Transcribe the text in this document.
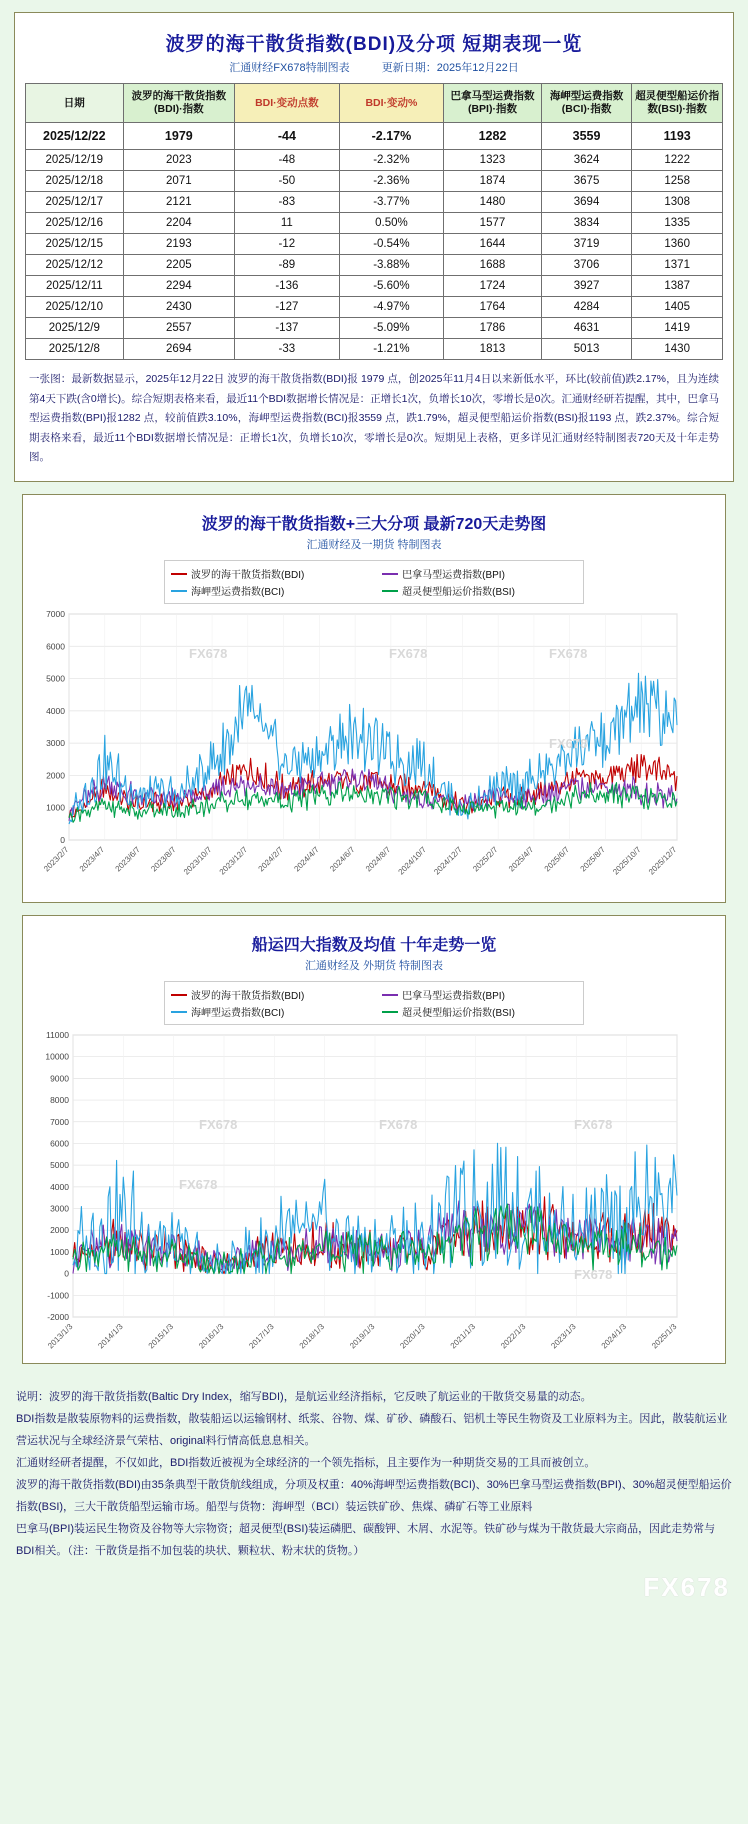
波罗的海干散货指数(BDI)及分项 短期表现一览
汇通财经FX678特制图表	更新日期：2025年12月22日
日期	波罗的海干散货指数(BDI)·指数	BDI·变动点数	BDI·变动%	巴拿马型运费指数(BPI)·指数	海岬型运费指数(BCI)·指数	超灵便型船运价指数(BSI)·指数
2025/12/22	1979	-44	-2.17%	1282	3559	1193
2025/12/19	2023	-48	-2.32%	1323	3624	1222
2025/12/18	2071	-50	-2.36%	1874	3675	1258
2025/12/17	2121	-83	-3.77%	1480	3694	1308
2025/12/16	2204	11	0.50%	1577	3834	1335
2025/12/15	2193	-12	-0.54%	1644	3719	1360
2025/12/12	2205	-89	-3.88%	1688	3706	1371
2025/12/11	2294	-136	-5.60%	1724	3927	1387
2025/12/10	2430	-127	-4.97%	1764	4284	1405
2025/12/9	2557	-137	-5.09%	1786	4631	1419
2025/12/8	2694	-33	-1.21%	1813	5013	1430
一张图：最新数据显示，2025年12月22日 波罗的海干散货指数(BDI)报 1979 点，创2025年11月4日以来新低水平，环比(较前值)跌2.17%，且为连续第4天下跌(含0增长)。综合短期表格来看，最近11个BDI数据增长情况是：正增长1次，负增长10次，零增长是0次。汇通财经研若提醒，其中，巴拿马型运费指数(BPI)报1282 点，较前值跌3.10%，海岬型运费指数(BCI)报3559 点，跌1.79%，超灵便型船运价指数(BSI)报1193 点，跌2.37%。综合短期表格来看，最近11个BDI数据增长情况是：正增长1次，负增长10次，零增长是0次。短期见上表格，更多详见汇通财经特制图表720天及十年走势图。
波罗的海干散货指数+三大分项 最新720天走势图
汇通财经及一期货 特制图表
波罗的海干散货指数(BDI)	巴拿马型运费指数(BPI)
海岬型运费指数(BCI)	超灵便型船运价指数(BSI)
FX678	FX678	FX678
FX678
0
1000
2000
3000
4000
5000
6000
7000
2023/2/7 2023/4/7 2023/6/7 2023/8/7 2023/10/7 2023/12/7 2024/2/7 2024/4/7 2024/6/7 2024/8/7 2024/10/7 2024/12/7 2025/2/7 2025/4/7 2025/6/7 2025/8/7 2025/10/7 2025/12/7
船运四大指数及均值 十年走势一览
汇通财经及 外期货 特制图表
波罗的海干散货指数(BDI)	巴拿马型运费指数(BPI)
海岬型运费指数(BCI)	超灵便型船运价指数(BSI)
FX678	FX678	FX678
FX678
FX678
-2000
-1000
0
1000
2000
3000
4000
5000
6000
7000
8000
9000
10000
11000
2013/1/3	2014/1/3	2015/1/3	2016/1/3	2017/1/3	2018/1/3	2019/1/3	2020/1/3	2021/1/3	2022/1/3	2023/1/3	2024/1/3	2025/1/3

说明：波罗的海干散货指数(Baltic Dry Index，缩写BDI)，是航运业经济指标，它反映了航运业的干散货交易量的动态。

BDI指数是散装原物料的运费指数，散装船运以运输钢材、纸浆、谷物、煤、矿砂、磷酸石、铝机土等民生物资及工业原料为主。因此，散装航运业营运状况与全球经济景气荣枯、original料行情高低息息相关。

汇通财经研者提醒，不仅如此，BDI指数近被视为全球经济的一个领先指标，且主要作为一种期货交易的工具而被创立。

波罗的海干散货指数(BDI)由35条典型干散货航线组成，分项及权重：40%海岬型运费指数(BCI)、30%巴拿马型运费指数(BPI)、30%超灵便型船运价指数(BSI)，三大干散货船型运输市场。船型与货物：海岬型（BCI）装运铁矿砂、焦煤、磷矿石等工业原料

巴拿马(BPI)装运民生物资及谷物等大宗物资；超灵便型(BSI)装运磷肥、碳酸钾、木屑、水泥等。铁矿砂与煤为干散货最大宗商品，因此走势常与BDI相关。（注：干散货是指不加包装的块状、颗粒状、粉末状的货物。）

FX678
